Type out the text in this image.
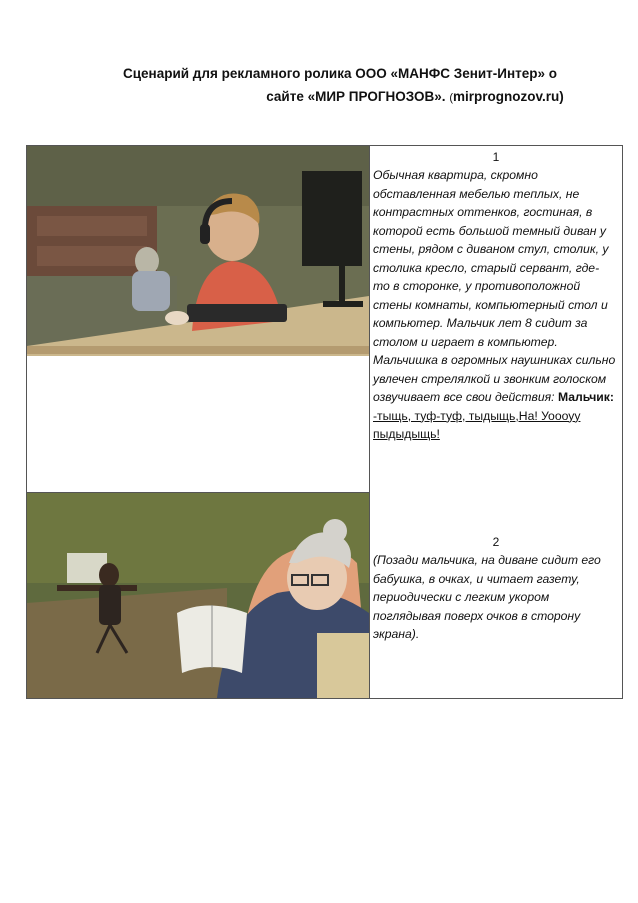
Сценарий для рекламного ролика ООО «МАНФС Зенит-Интер» о
сайте «МИР ПРОГНОЗОВ». (mirprognozov.ru)
1
Обычная квартира, скромно обставленная мебелью теплых, не контрастных оттенков, гостиная, в которой есть большой темный диван у стены, рядом с диваном стул, столик, у столика кресло, старый сервант, где- то в сторонке, у противоположной стены комнаты, компьютерный стол и компьютер. Мальчик лет 8 сидит за столом и играет в компьютер. Мальчишка в огромных наушниках сильно увлечен стрелялкой и звонким голоском озвучивает все свои действия: Мальчик: -тыщь, туф-туф, тыдыщь,На! Уоооуу пыдыдыщь!
2
(Позади мальчика, на диване сидит его бабушка, в очках, и читает газету, периодически с легким укором поглядывая поверх очков в сторону экрана).
